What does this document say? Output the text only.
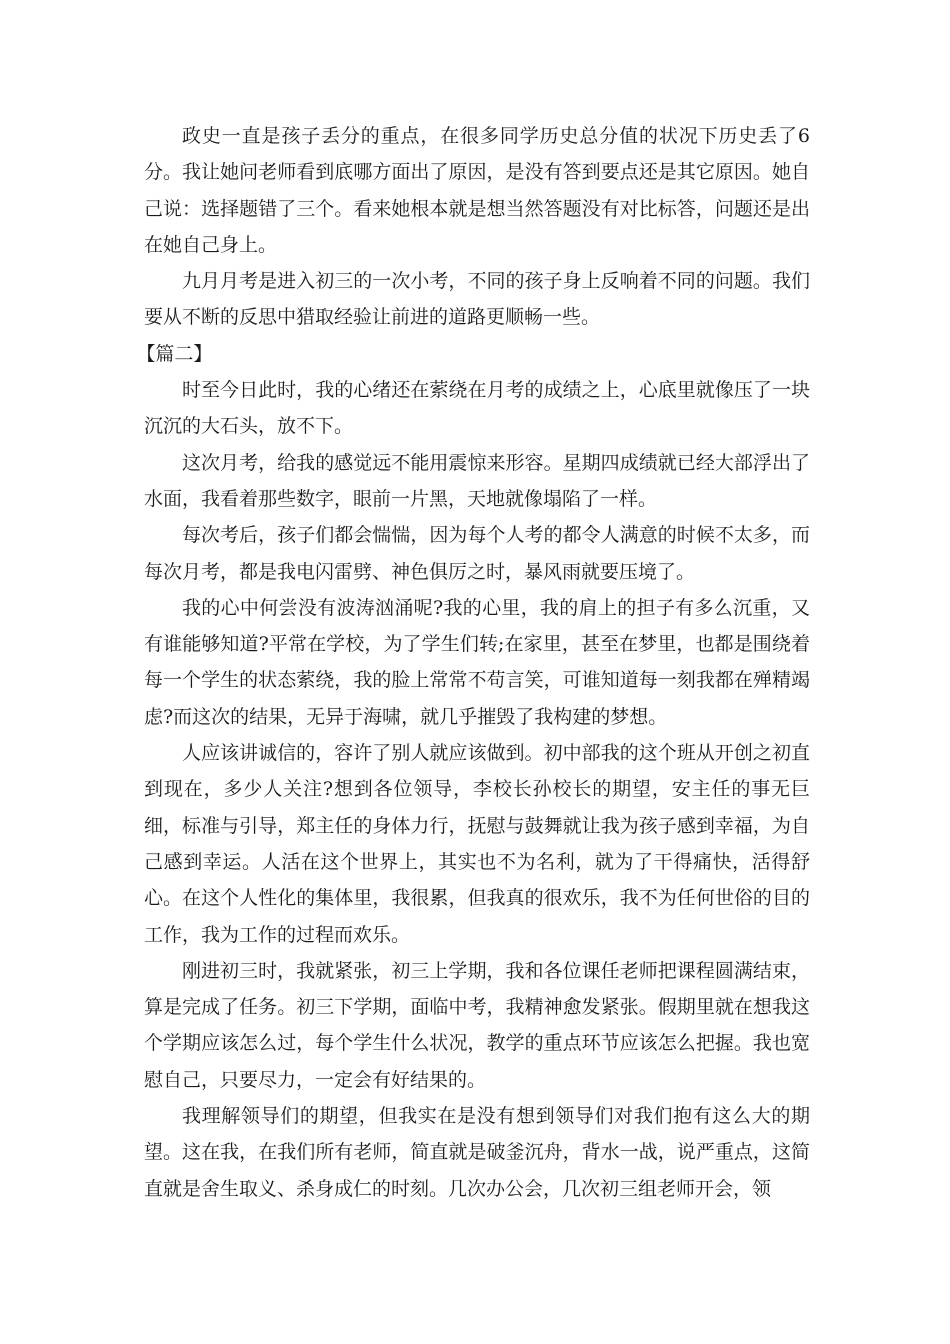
政史一直是孩子丢分的重点，在很多同学历史总分值的状况下历史丢了6分。我让她问老师看到底哪方面出了原因，是没有答到要点还是其它原因。她自己说：选择题错了三个。看来她根本就是想当然答题没有对比标答，问题还是出在她自己身上。

九月月考是进入初三的一次小考，不同的孩子身上反响着不同的问题。我们要从不断的反思中猎取经验让前进的道路更顺畅一些。

【篇二】

时至今日此时，我的心绪还在萦绕在月考的成绩之上，心底里就像压了一块沉沉的大石头，放不下。

这次月考，给我的感觉远不能用震惊来形容。星期四成绩就已经大部浮出了水面，我看着那些数字，眼前一片黑，天地就像塌陷了一样。

每次考后，孩子们都会惴惴，因为每个人考的都令人满意的时候不太多，而每次月考，都是我电闪雷劈、神色俱厉之时，暴风雨就要压境了。

我的心中何尝没有波涛汹涌呢?我的心里，我的肩上的担子有多么沉重，又有谁能够知道?平常在学校，为了学生们转;在家里，甚至在梦里，也都是围绕着每一个学生的状态萦绕，我的脸上常常不苟言笑，可谁知道每一刻我都在殚精竭虑?而这次的结果，无异于海啸，就几乎摧毁了我构建的梦想。

人应该讲诚信的，容许了别人就应该做到。初中部我的这个班从开创之初直到现在，多少人关注?想到各位领导，李校长孙校长的期望，安主任的事无巨细，标准与引导，郑主任的身体力行，抚慰与鼓舞就让我为孩子感到幸福，为自己感到幸运。人活在这个世界上，其实也不为名利，就为了干得痛快，活得舒心。在这个人性化的集体里，我很累，但我真的很欢乐，我不为任何世俗的目的工作，我为工作的过程而欢乐。

刚进初三时，我就紧张，初三上学期，我和各位课任老师把课程圆满结束，算是完成了任务。初三下学期，面临中考，我精神愈发紧张。假期里就在想我这个学期应该怎么过，每个学生什么状况，教学的重点环节应该怎么把握。我也宽慰自己，只要尽力，一定会有好结果的。

我理解领导们的期望，但我实在是没有想到领导们对我们抱有这么大的期望。这在我，在我们所有老师，简直就是破釜沉舟，背水一战，说严重点，这简直就是舍生取义、杀身成仁的时刻。几次办公会，几次初三组老师开会，领
